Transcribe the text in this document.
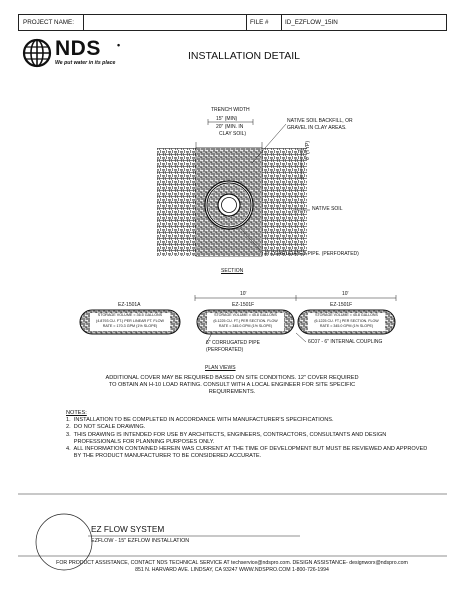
PROJECT NAME:	FILE #	ID_EZFLOW_15IN
NDS •
We put water in its place
INSTALLATION DETAIL
TRENCH WIDTH
15" (MIN)
20" (MIN. IN
CLAY SOIL)
NATIVE SOIL BACKFILL, OR
GRAVEL IN CLAY AREAS.
6" (TYP)
NATIVE SOIL
6" CORRUGATED PIPE. (PERFORATED)
SECTION
10'	10'
EZ-1501A
STORAGE VOLUME = 36.5 GALLONS
(4.8793 CU. FT.) PER LINEAR FT. FLOW
RATE = 170.3 GPM (1% SLOPE)
EZ-1501F
STORAGE VOLUME = 45.8 GALLONS
(6.1225 CU. FT.) PER SECTION. FLOW
RATE = 345.0 GPM (1% SLOPE)
EZ-1501F
STORAGE VOLUME = 45.8 GALLONS
(6.1225 CU. FT.) PER SECTION. FLOW
RATE = 345.0 GPM (1% SLOPE)
6" CORRUGATED PIPE
(PERFORATED)
6C07 - 6" INTERNAL COUPLING
PLAN VIEWS
ADDITIONAL COVER MAY BE REQUIRED BASED ON SITE CONDITIONS. 12" COVER REQUIRED
TO OBTAIN AN H-10 LOAD RATING. CONSULT WITH A LOCAL ENGINEER FOR SITE SPECIFIC
REQUIREMENTS.
NOTES:
1.  INSTALLATION TO BE COMPLETED IN ACCORDANCE WITH MANUFACTURER'S SPECIFICATIONS.
2.  DO NOT SCALE DRAWING.
3.  THIS DRAWING IS INTENDED FOR USE BY ARCHITECTS, ENGINEERS, CONTRACTORS, CONSULTANTS AND DESIGN
PROFESSIONALS FOR PLANNING PURPOSES ONLY.
4.  ALL INFORMATION CONTAINED HEREIN WAS CURRENT AT THE TIME OF DEVELOPMENT BUT MUST BE REVIEWED AND APPROVED
BY THE PRODUCT MANUFACTURER TO BE CONSIDERED ACCURATE.
EZ FLOW SYSTEM
EZFLOW - 15" EZFLOW INSTALLATION
FOR PRODUCT ASSISTANCE, CONTACT NDS TECHNICAL SERVICE AT techservice@ndspro.com. DESIGN ASSISTANCE- designworx@ndspro.com
851 N. HARVARD AVE. LINDSAY, CA 93247 WWW.NDSPRO.COM 1-800-726-1994
